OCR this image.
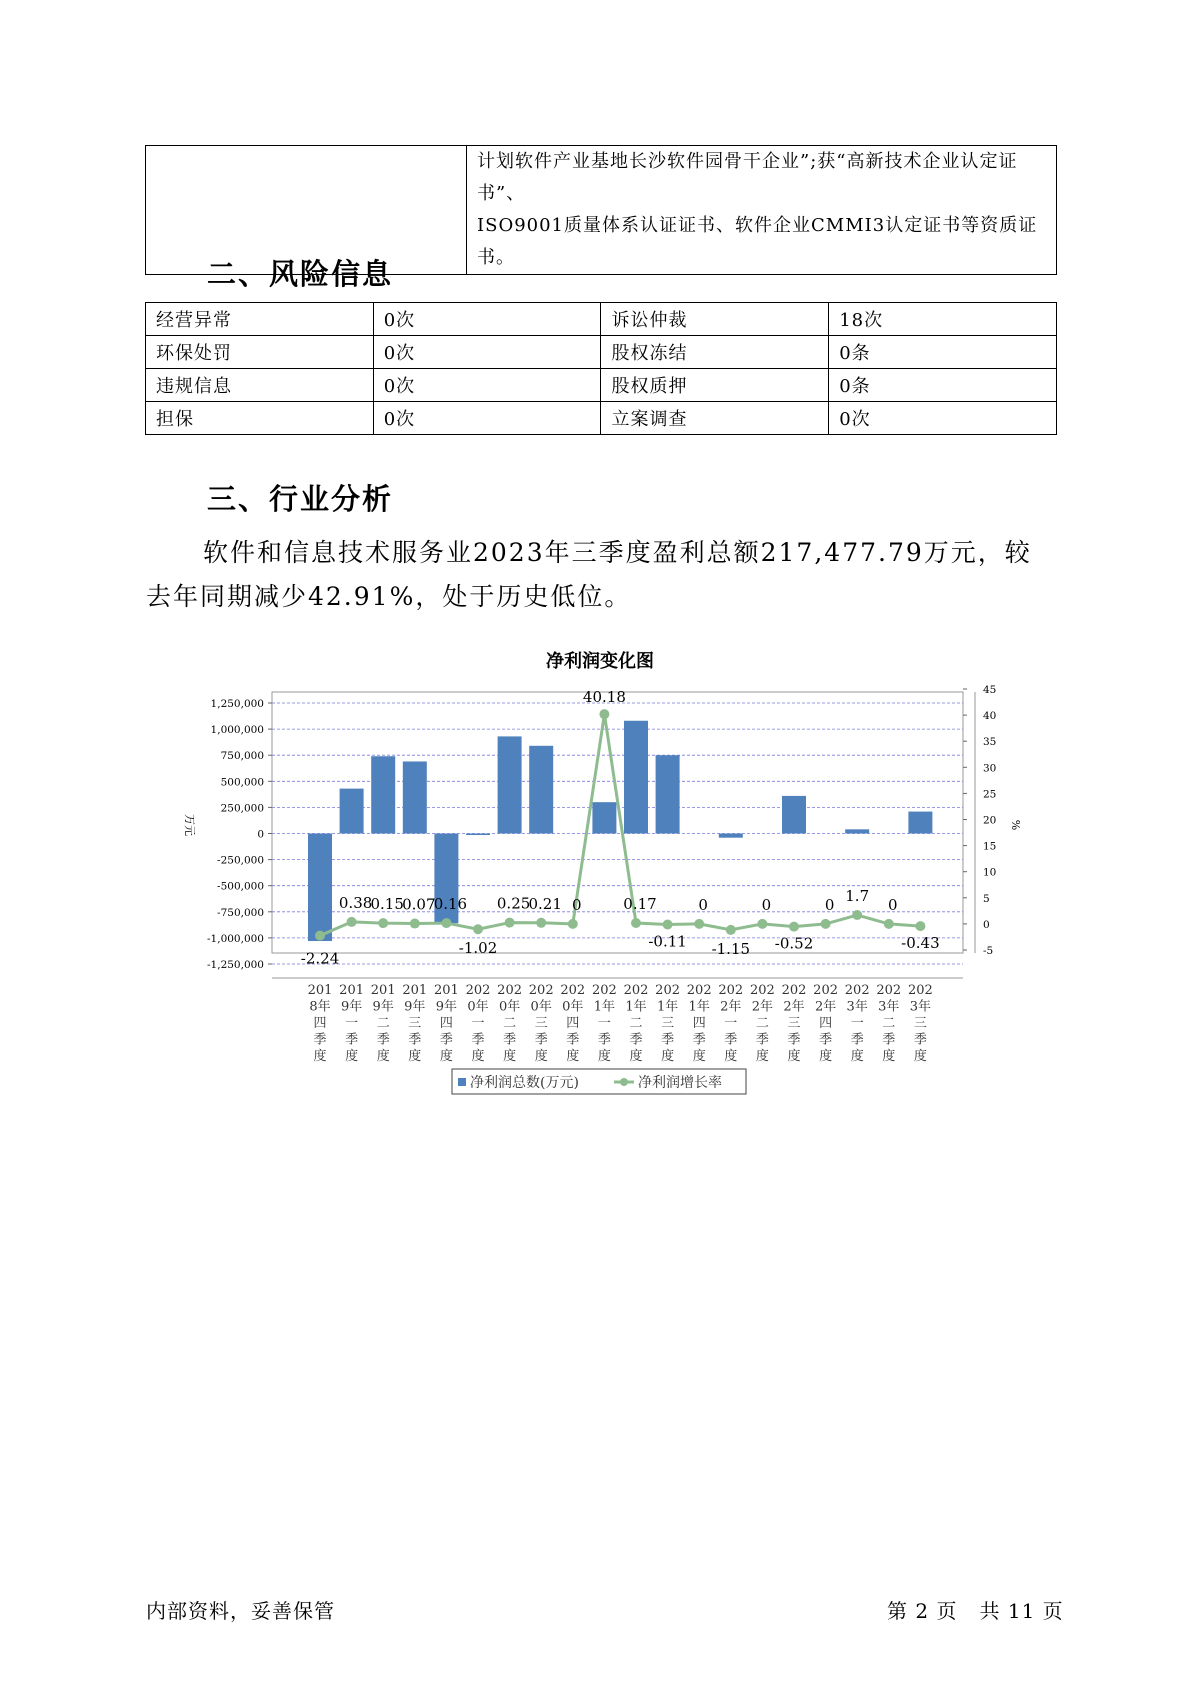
计划软件产业基地长沙软件园骨干企业”;获“高新技术企业认定证书”、
ISO9001质量体系认证证书、软件企业CMMI3认定证书等资质证书。
二、风险信息
经营异常	0次	诉讼仲裁	18次
环保处罚	0次	股权冻结	0条
违规信息	0次	股权质押	0条
担保	0次	立案调查	0次
三、行业分析
软件和信息技术服务业2023年三季度盈利总额217,477.79万元，较去年同期减少42.91%，处于历史低位。
净利润变化图
1,250,000
1,000,000
750,000
500,000
250,000
0
-250,000
-500,000
-750,000
-1,000,000
-1,250,000
45
40
35
30
25
20
15
10
5
0
-5
万元	%
-2.24
0.38
0.15
0.07
0.16
-1.02
0.25
0.21 0
40.18
0.17
-0.11
0
-1.15
0
-0.52
0 1.7 0
-0.43
201 8年四季度
201 9年一季度
201 9年二季度
201 9年三季度
201 9年四季度
202 0年一季度
202 0年二季度
202 0年三季度
202 0年四季度
202 1年一季度
202 1年二季度
202 1年三季度
202 1年四季度
202 2年一季度
202 2年二季度
202 2年三季度
202 2年四季度
202 3年一季度
202 3年二季度
202 3年三季度
净利润总数(万元)	净利润增长率
内部资料，妥善保管	第 2 页   共 11 页
